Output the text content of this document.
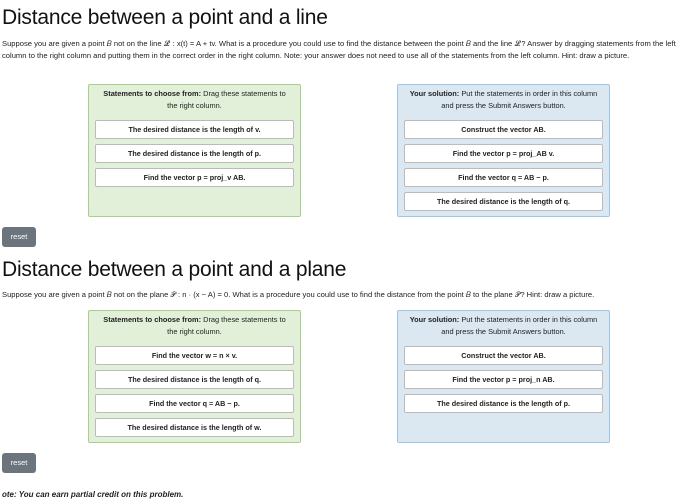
Distance between a point and a line
Suppose you are given a point 𝐵 not on the line ℒ : x(t) = A + tv. What is a procedure you could use to find the distance between the point 𝐵 and the line ℒ? Answer by dragging statements from the left column to the right column and putting them in the correct order in the right column. Note: your answer does not need to use all of the statements from the left column. Hint: draw a picture.
Statements to choose from: Drag these statements to the right column.
The desired distance is the length of v.
The desired distance is the length of p.
Find the vector p = proj_v AB.
Your solution: Put the statements in order in this column and press the Submit Answers button.
Construct the vector AB.
Find the vector p = proj_AB v.
Find the vector q = AB − p.
The desired distance is the length of q.
reset
Distance between a point and a plane
Suppose you are given a point 𝐵 not on the plane 𝒫 : n · (x − A) = 0. What is a procedure you could use to find the distance from the point 𝐵 to the plane 𝒫? Hint: draw a picture.
Statements to choose from: Drag these statements to the right column.
Find the vector w = n × v.
The desired distance is the length of q.
Find the vector q = AB − p.
The desired distance is the length of w.
Your solution: Put the statements in order in this column and press the Submit Answers button.
Construct the vector AB.
Find the vector p = proj_n AB.
The desired distance is the length of p.
reset
ote: You can earn partial credit on this problem.
